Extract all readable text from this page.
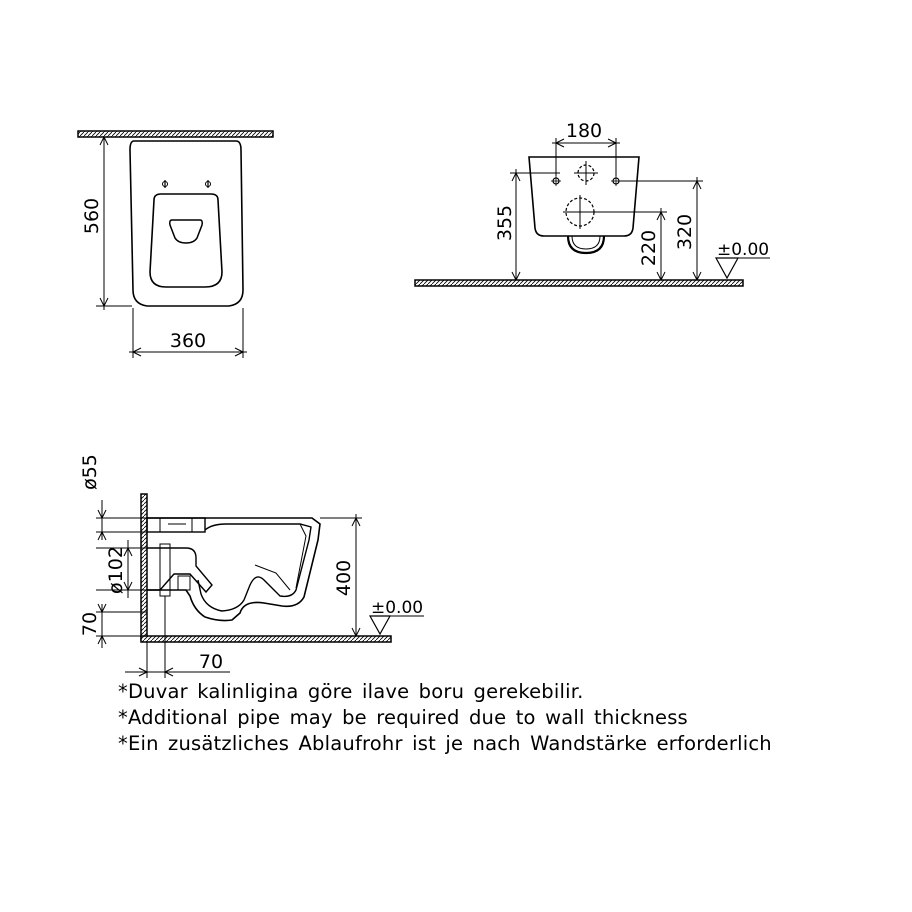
560
360
180
355	320
220	±0.00
ø55
ø102
70
400
±0.00
70
*Duvar kalinligina göre ilave boru gerekebilir.
*Additional pipe may be required due to wall thickness
*Ein zusätzliches Ablaufrohr ist je nach Wandstärke erforderlich
